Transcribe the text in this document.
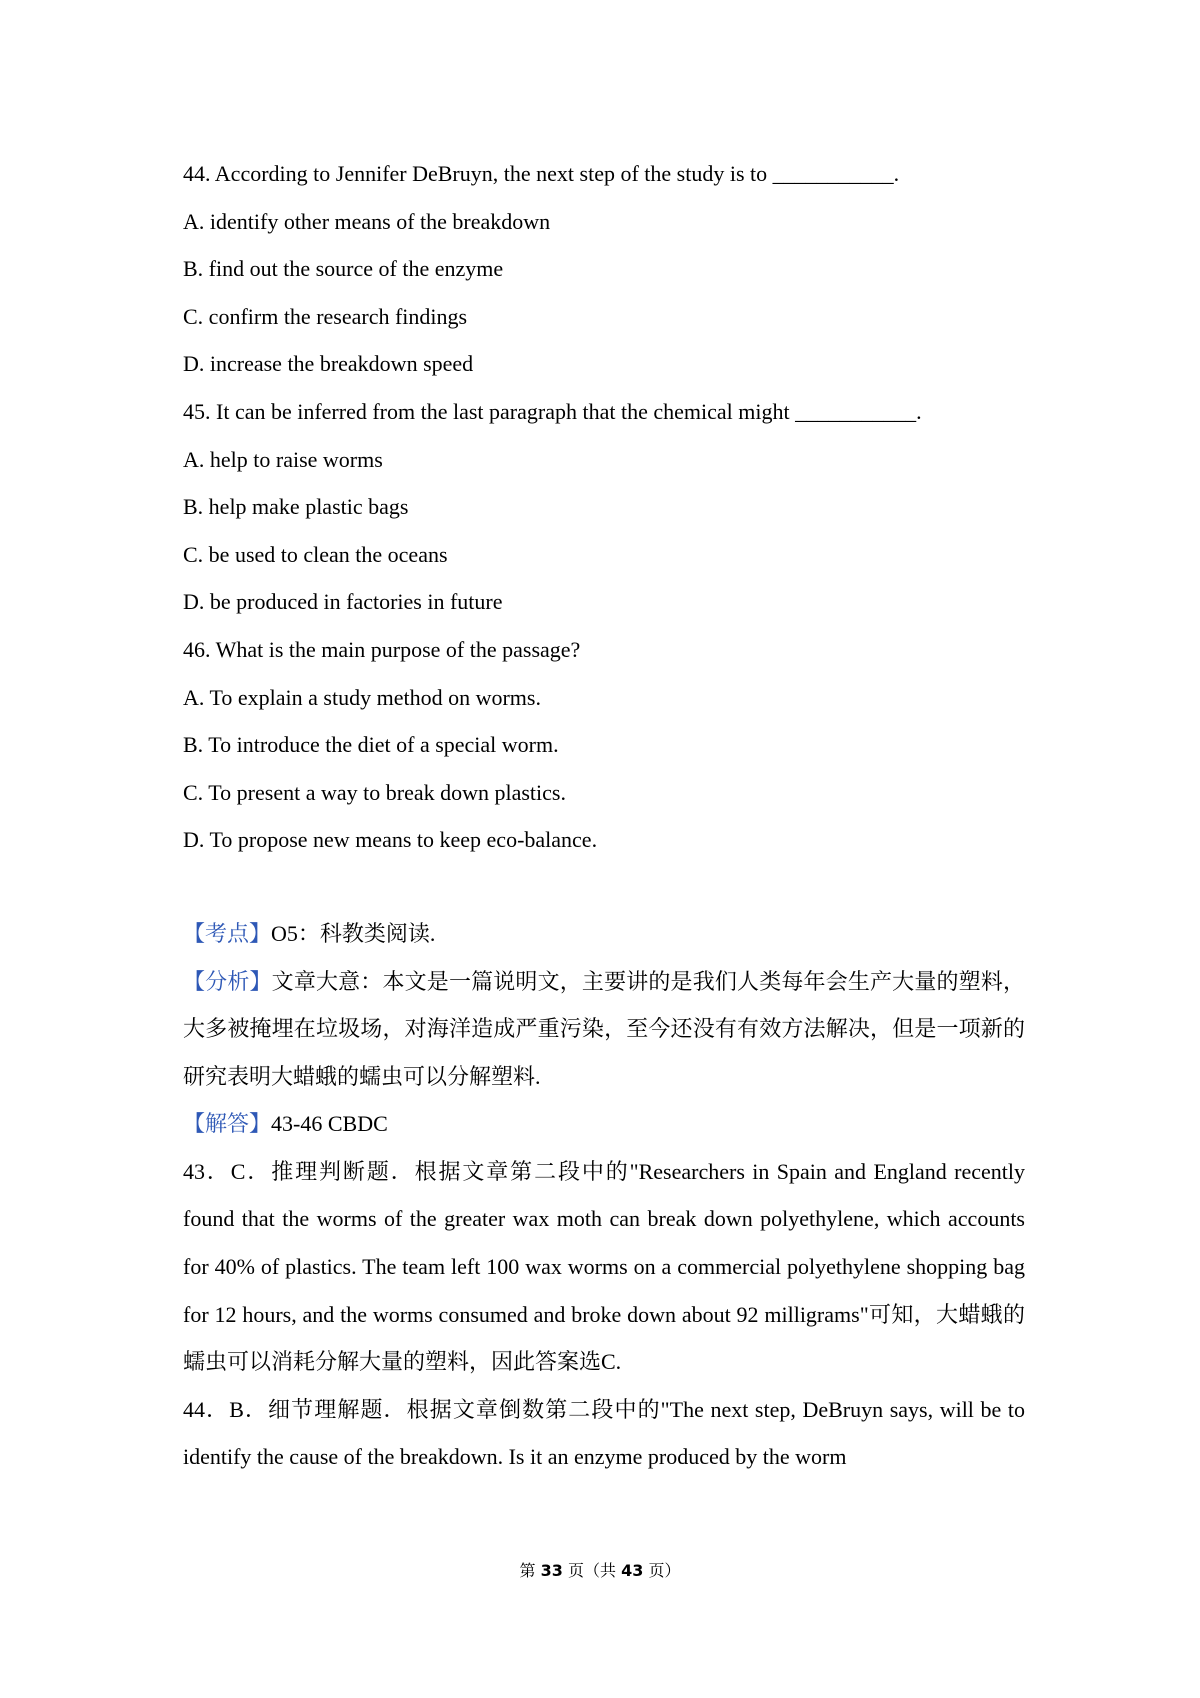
44. According to Jennifer DeBruyn, the next step of the study is to ___________.

A. identify other means of the breakdown

B. find out the source of the enzyme

C. confirm the research findings

D. increase the breakdown speed

45. It can be inferred from the last paragraph that the chemical might ___________.

A. help to raise worms

B. help make plastic bags

C. be used to clean the oceans

D. be produced in factories in future

46. What is the main purpose of the passage?

A. To explain a study method on worms.

B. To introduce the diet of a special worm.

C. To present a way to break down plastics.

D. To propose new means to keep eco-balance.

【考点】O5：科教类阅读.

【分析】文章大意：本文是一篇说明文，主要讲的是我们人类每年会生产大量的塑料，大多被掩埋在垃圾场，对海洋造成严重污染，至今还没有有效方法解决，但是一项新的研究表明大蜡蛾的蠕虫可以分解塑料.

【解答】43-46 CBDC

43．C．推理判断题．根据文章第二段中的"Researchers in Spain and England recently found that the worms of the greater wax moth can break down polyethylene, which accounts for 40% of plastics. The team left 100 wax worms on a commercial polyethylene shopping bag for 12 hours, and the worms consumed and broke down about 92 milligrams"可知，大蜡蛾的蠕虫可以消耗分解大量的塑料，因此答案选C.

44．B．细节理解题．根据文章倒数第二段中的"The next step, DeBruyn says, will be to identify the cause of the breakdown. Is it an enzyme produced by the worm

第 33 页（共 43 页）
